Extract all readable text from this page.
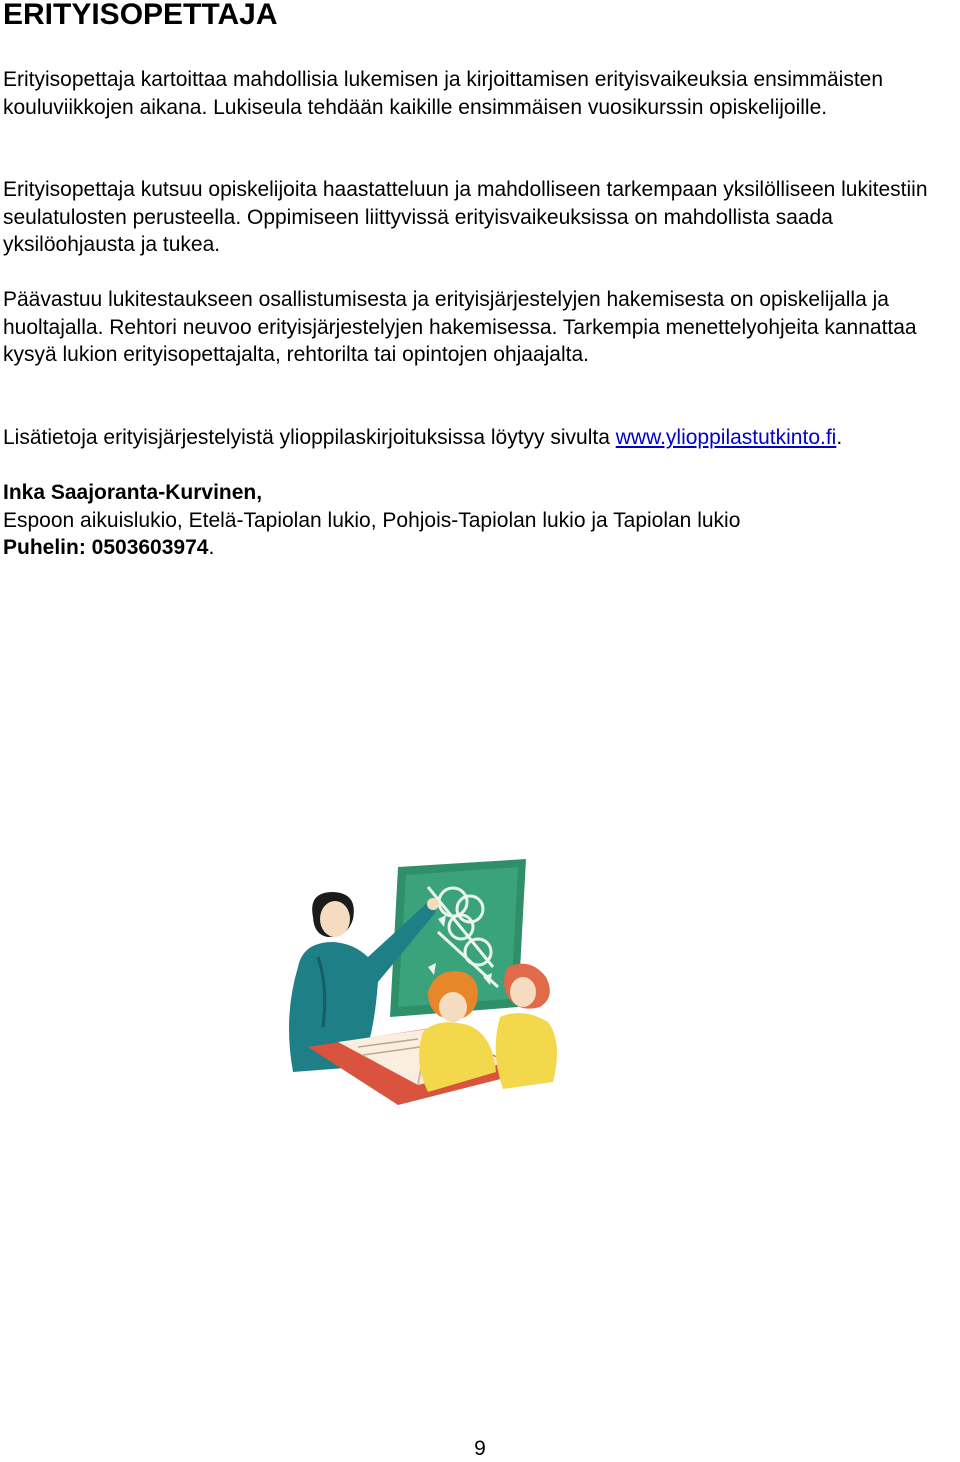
ERITYISOPETTAJA

Erityisopettaja kartoittaa mahdollisia lukemisen ja kirjoittamisen erityisvaikeuksia ensimmäisten kouluviikkojen aikana. Lukiseula tehdään kaikille ensimmäisen vuosikurssin opiskelijoille.

Erityisopettaja kutsuu opiskelijoita haastatteluun ja mahdolliseen tarkempaan yksilölliseen lukitestiin seulatulosten perusteella. Oppimiseen liittyvissä erityisvaikeuksissa on mahdollista saada yksilöohjausta ja tukea.

Päävastuu lukitestaukseen osallistumisesta ja erityisjärjestelyjen hakemisesta on opiskelijalla ja huoltajalla. Rehtori neuvoo erityisjärjestelyjen hakemisessa. Tarkempia menettelyohjeita kannattaa kysyä lukion erityisopettajalta, rehtorilta tai opintojen ohjaajalta.

Lisätietoja erityisjärjestelyistä ylioppilaskirjoituksissa löytyy sivulta www.ylioppilastutkinto.fi.

Inka Saajoranta-Kurvinen,
Espoon aikuislukio, Etelä-Tapiolan lukio, Pohjois-Tapiolan lukio ja Tapiolan lukio
Puhelin: 0503603974.

9
